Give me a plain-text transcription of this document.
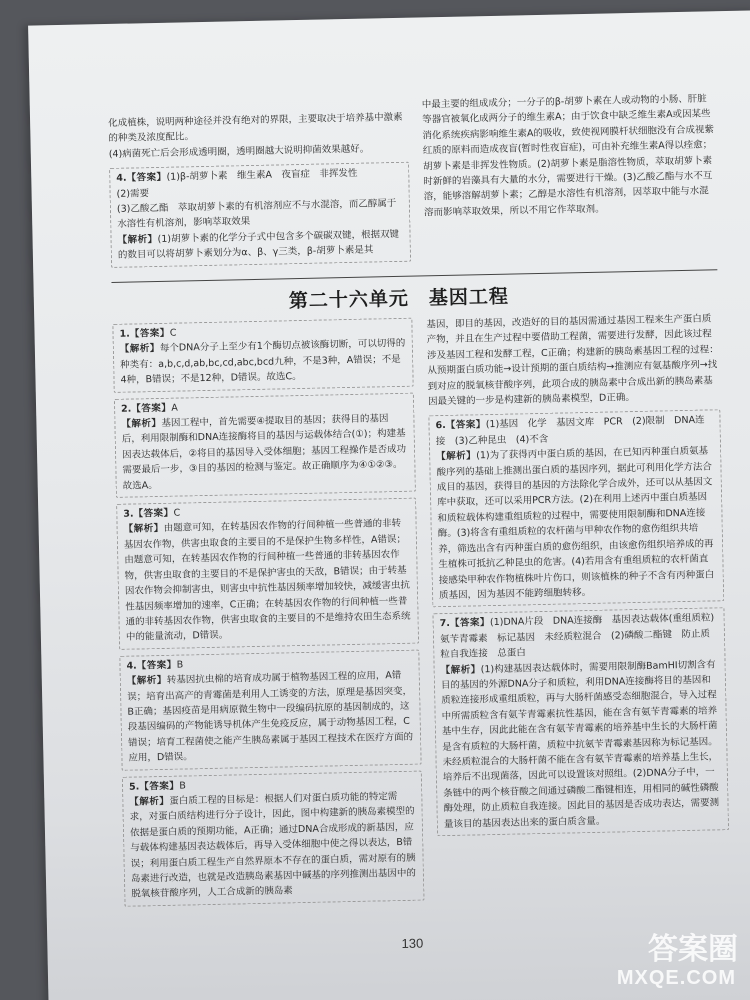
化成植株，说明两种途径并没有绝对的界限，主要取决于培养基中激素的种类及浓度配比。

(4)病菌死亡后会形成透明圈，透明圈越大说明抑菌效果越好。

4.【答案】(1)β-胡萝卜素　维生素A　夜盲症　非挥发性

(2)需要

(3)乙酸乙酯　萃取胡萝卜素的有机溶剂应不与水混溶，而乙醇属于水溶性有机溶剂，影响萃取效果

【解析】(1)胡萝卜素的化学分子式中包含多个碳碳双键，根据双键的数目可以将胡萝卜素划分为α、β、γ三类，β-胡萝卜素是其

中最主要的组成成分；一分子的β-胡萝卜素在人或动物的小肠、肝脏等器官被氧化成两分子的维生素A；由于饮食中缺乏维生素A或因某些消化系统疾病影响维生素A的吸收，致使视网膜杆状细胞没有合成视紫红质的原料而造成夜盲(暂时性夜盲症)，可由补充维生素A得以痊愈；胡萝卜素是非挥发性物质。(2)胡萝卜素是脂溶性物质，萃取胡萝卜素时新鲜的岩藻具有大量的水分，需要进行干燥。(3)乙酸乙酯与水不互溶，能够溶解胡萝卜素；乙醇是水溶性有机溶剂，因萃取中能与水混溶而影响萃取效果，所以不用它作萃取剂。

第二十六单元　基因工程

1.【答案】C

【解析】每个DNA分子上至少有1个酶切点被该酶切断，可以切得的种类有：a,b,c,d,ab,bc,cd,abc,bcd九种，不是3种，A错误；不是4种，B错误；不是12种，D错误。故选C。

2.【答案】A

【解析】基因工程中，首先需要④提取目的基因；获得目的基因后，利用限制酶和DNA连接酶将目的基因与运载体结合(①)；构建基因表达载体后，②将目的基因导入受体细胞；基因工程操作是否成功需要最后一步，③目的基因的检测与鉴定。故正确顺序为④①②③。故选A。

3.【答案】C

【解析】由题意可知，在转基因农作物的行间种植一些普通的非转基因农作物，供害虫取食的主要目的不是保护生物多样性，A错误；由题意可知，在转基因农作物的行间种植一些普通的非转基因农作物，供害虫取食的主要目的不是保护害虫的天敌，B错误；由于转基因农作物会抑制害虫，则害虫中抗性基因频率增加较快，减缓害虫抗性基因频率增加的速率，C正确；在转基因农作物的行间种植一些普通的非转基因农作物，供害虫取食的主要目的不是维持农田生态系统中的能量流动，D错误。

4.【答案】B

【解析】转基因抗虫棉的培育成功属于植物基因工程的应用，A错误；培育出高产的青霉菌是利用人工诱变的方法，原理是基因突变，B正确；基因疫苗是用病原微生物中一段编码抗原的基因制成的，这段基因编码的产物能诱导机体产生免疫反应，属于动物基因工程，C错误；培育工程菌使之能产生胰岛素属于基因工程技术在医疗方面的应用，D错误。

5.【答案】B

【解析】蛋白质工程的目标是：根据人们对蛋白质功能的特定需求，对蛋白质结构进行分子设计，因此，图中构建新的胰岛素模型的依据是蛋白质的预期功能，A正确；通过DNA合成形成的新基因，应与载体构建基因表达载体后，再导入受体细胞中使之得以表达，B错误；利用蛋白质工程生产自然界原本不存在的蛋白质，需对原有的胰岛素进行改造，也就是改造胰岛素基因中碱基的序列推测出基因中的脱氧核苷酸序列，人工合成新的胰岛素

基因，即目的基因，改造好的目的基因需通过基因工程来生产蛋白质产物，并且在生产过程中要借助工程菌，需要进行发酵，因此该过程涉及基因工程和发酵工程，C正确；构建新的胰岛素基因工程的过程：从预期蛋白质功能→设计预期的蛋白质结构→推测应有氨基酸序列→找到对应的脱氧核苷酸序列，此项合成的胰岛素中合成出新的胰岛素基因最关键的一步是构建新的胰岛素模型，D正确。

6.【答案】(1)基因　化学　基因文库　PCR　(2)限制　DNA连接　(3)乙种昆虫　(4)不含

【解析】(1)为了获得丙中蛋白质的基因，在已知丙种蛋白质氨基酸序列的基础上推测出蛋白质的基因序列，据此可利用化学方法合成目的基因，获得目的基因的方法除化学合成外，还可以从基因文库中获取，还可以采用PCR方法。(2)在利用上述丙中蛋白质基因和质粒载体构建重组质粒的过程中，需要使用限制酶和DNA连接酶。(3)将含有重组质粒的农杆菌与甲种农作物的愈伤组织共培养，筛选出含有丙种蛋白质的愈伤组织，由该愈伤组织培养成的再生植株可抵抗乙种昆虫的危害。(4)若用含有重组质粒的农杆菌直接感染甲种农作物植株叶片伤口，则该植株的种子不含有丙种蛋白质基因，因为基因不能跨细胞转移。

7.【答案】(1)DNA片段　DNA连接酶　基因表达载体(重组质粒)　氨苄青霉素　标记基因　未经质粒混合　(2)磷酸二酯键　防止质粒自我连接　总蛋白

【解析】(1)构建基因表达载体时，需要用限制酶BamHⅠ切割含有目的基因的外源DNA分子和质粒，利用DNA连接酶将目的基因和质粒连接形成重组质粒，再与大肠杆菌感受态细胞混合，导入过程中所需质粒含有氨苄青霉素抗性基因，能在含有氨苄青霉素的培养基中生存，因此此能在含有氨苄青霉素的培养基中生长的大肠杆菌是含有质粒的大肠杆菌，质粒中抗氨苄青霉素基因称为标记基因。未经质粒混合的大肠杆菌不能在含有氨苄青霉素的培养基上生长，培养后不出现菌落，因此可以设置该对照组。(2)DNA分子中，一条链中的两个核苷酸之间通过磷酸二酯键相连，用相同的碱性磷酸酶处理，防止质粒自我连接。因此目的基因是否成功表达，需要测量该目的基因表达出来的蛋白质含量。

130	答案圈
MXQE.COM
